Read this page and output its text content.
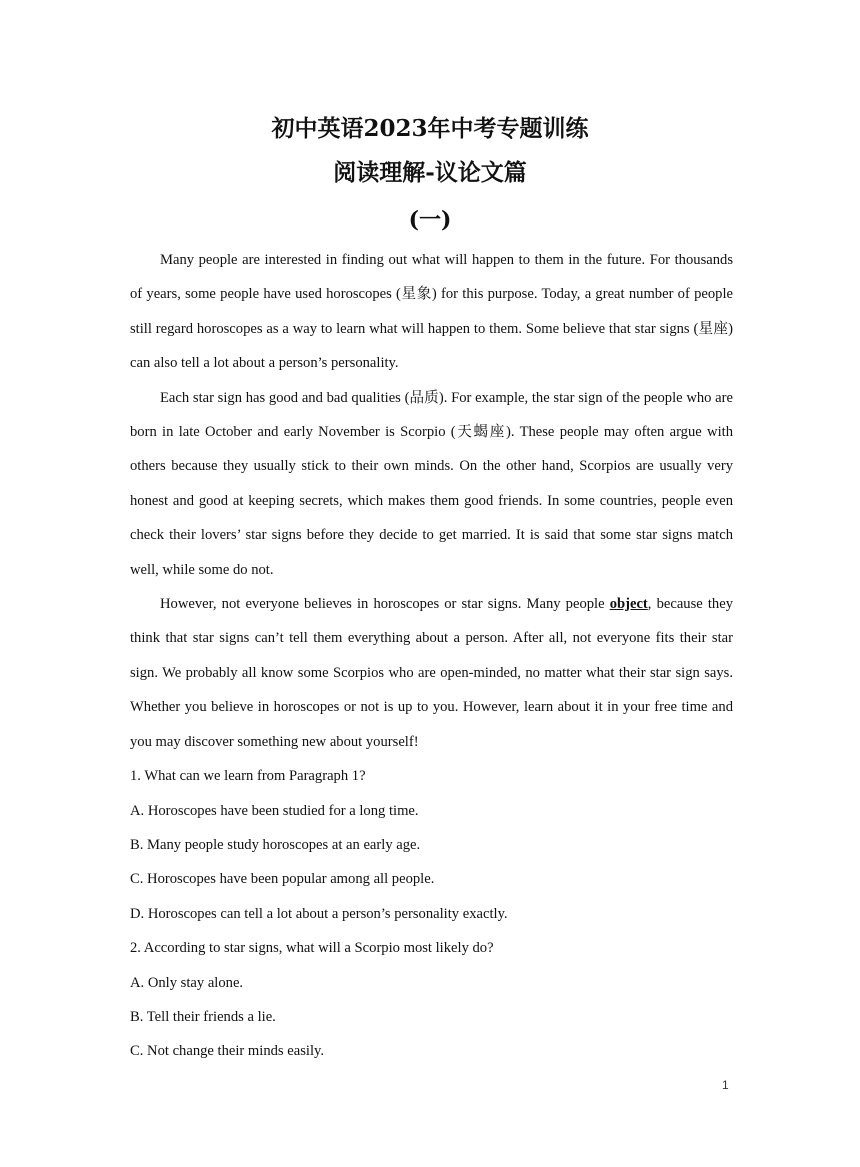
初中英语2023年中考专题训练
阅读理解-议论文篇
(一)

Many people are interested in finding out what will happen to them in the future. For thousands of years, some people have used horoscopes (星象) for this purpose. Today, a great number of people still regard horoscopes as a way to learn what will happen to them. Some believe that star signs (星座) can also tell a lot about a person’s personality.

Each star sign has good and bad qualities (品质). For example, the star sign of the people who are born in late October and early November is Scorpio (天蝎座). These people may often argue with others because they usually stick to their own minds. On the other hand, Scorpios are usually very honest and good at keeping secrets, which makes them good friends. In some countries, people even check their lovers’ star signs before they decide to get married. It is said that some star signs match well, while some do not.

However, not everyone believes in horoscopes or star signs. Many people object, because they think that star signs can’t tell them everything about a person. After all, not everyone fits their star sign. We probably all know some Scorpios who are open-minded, no matter what their star sign says. Whether you believe in horoscopes or not is up to you. However, learn about it in your free time and you may discover something new about yourself!

1. What can we learn from Paragraph 1?

A. Horoscopes have been studied for a long time.

B. Many people study horoscopes at an early age.

C. Horoscopes have been popular among all people.

D. Horoscopes can tell a lot about a person’s personality exactly.

2. According to star signs, what will a Scorpio most likely do?

A. Only stay alone.

B. Tell their friends a lie.

C. Not change their minds easily.

1
